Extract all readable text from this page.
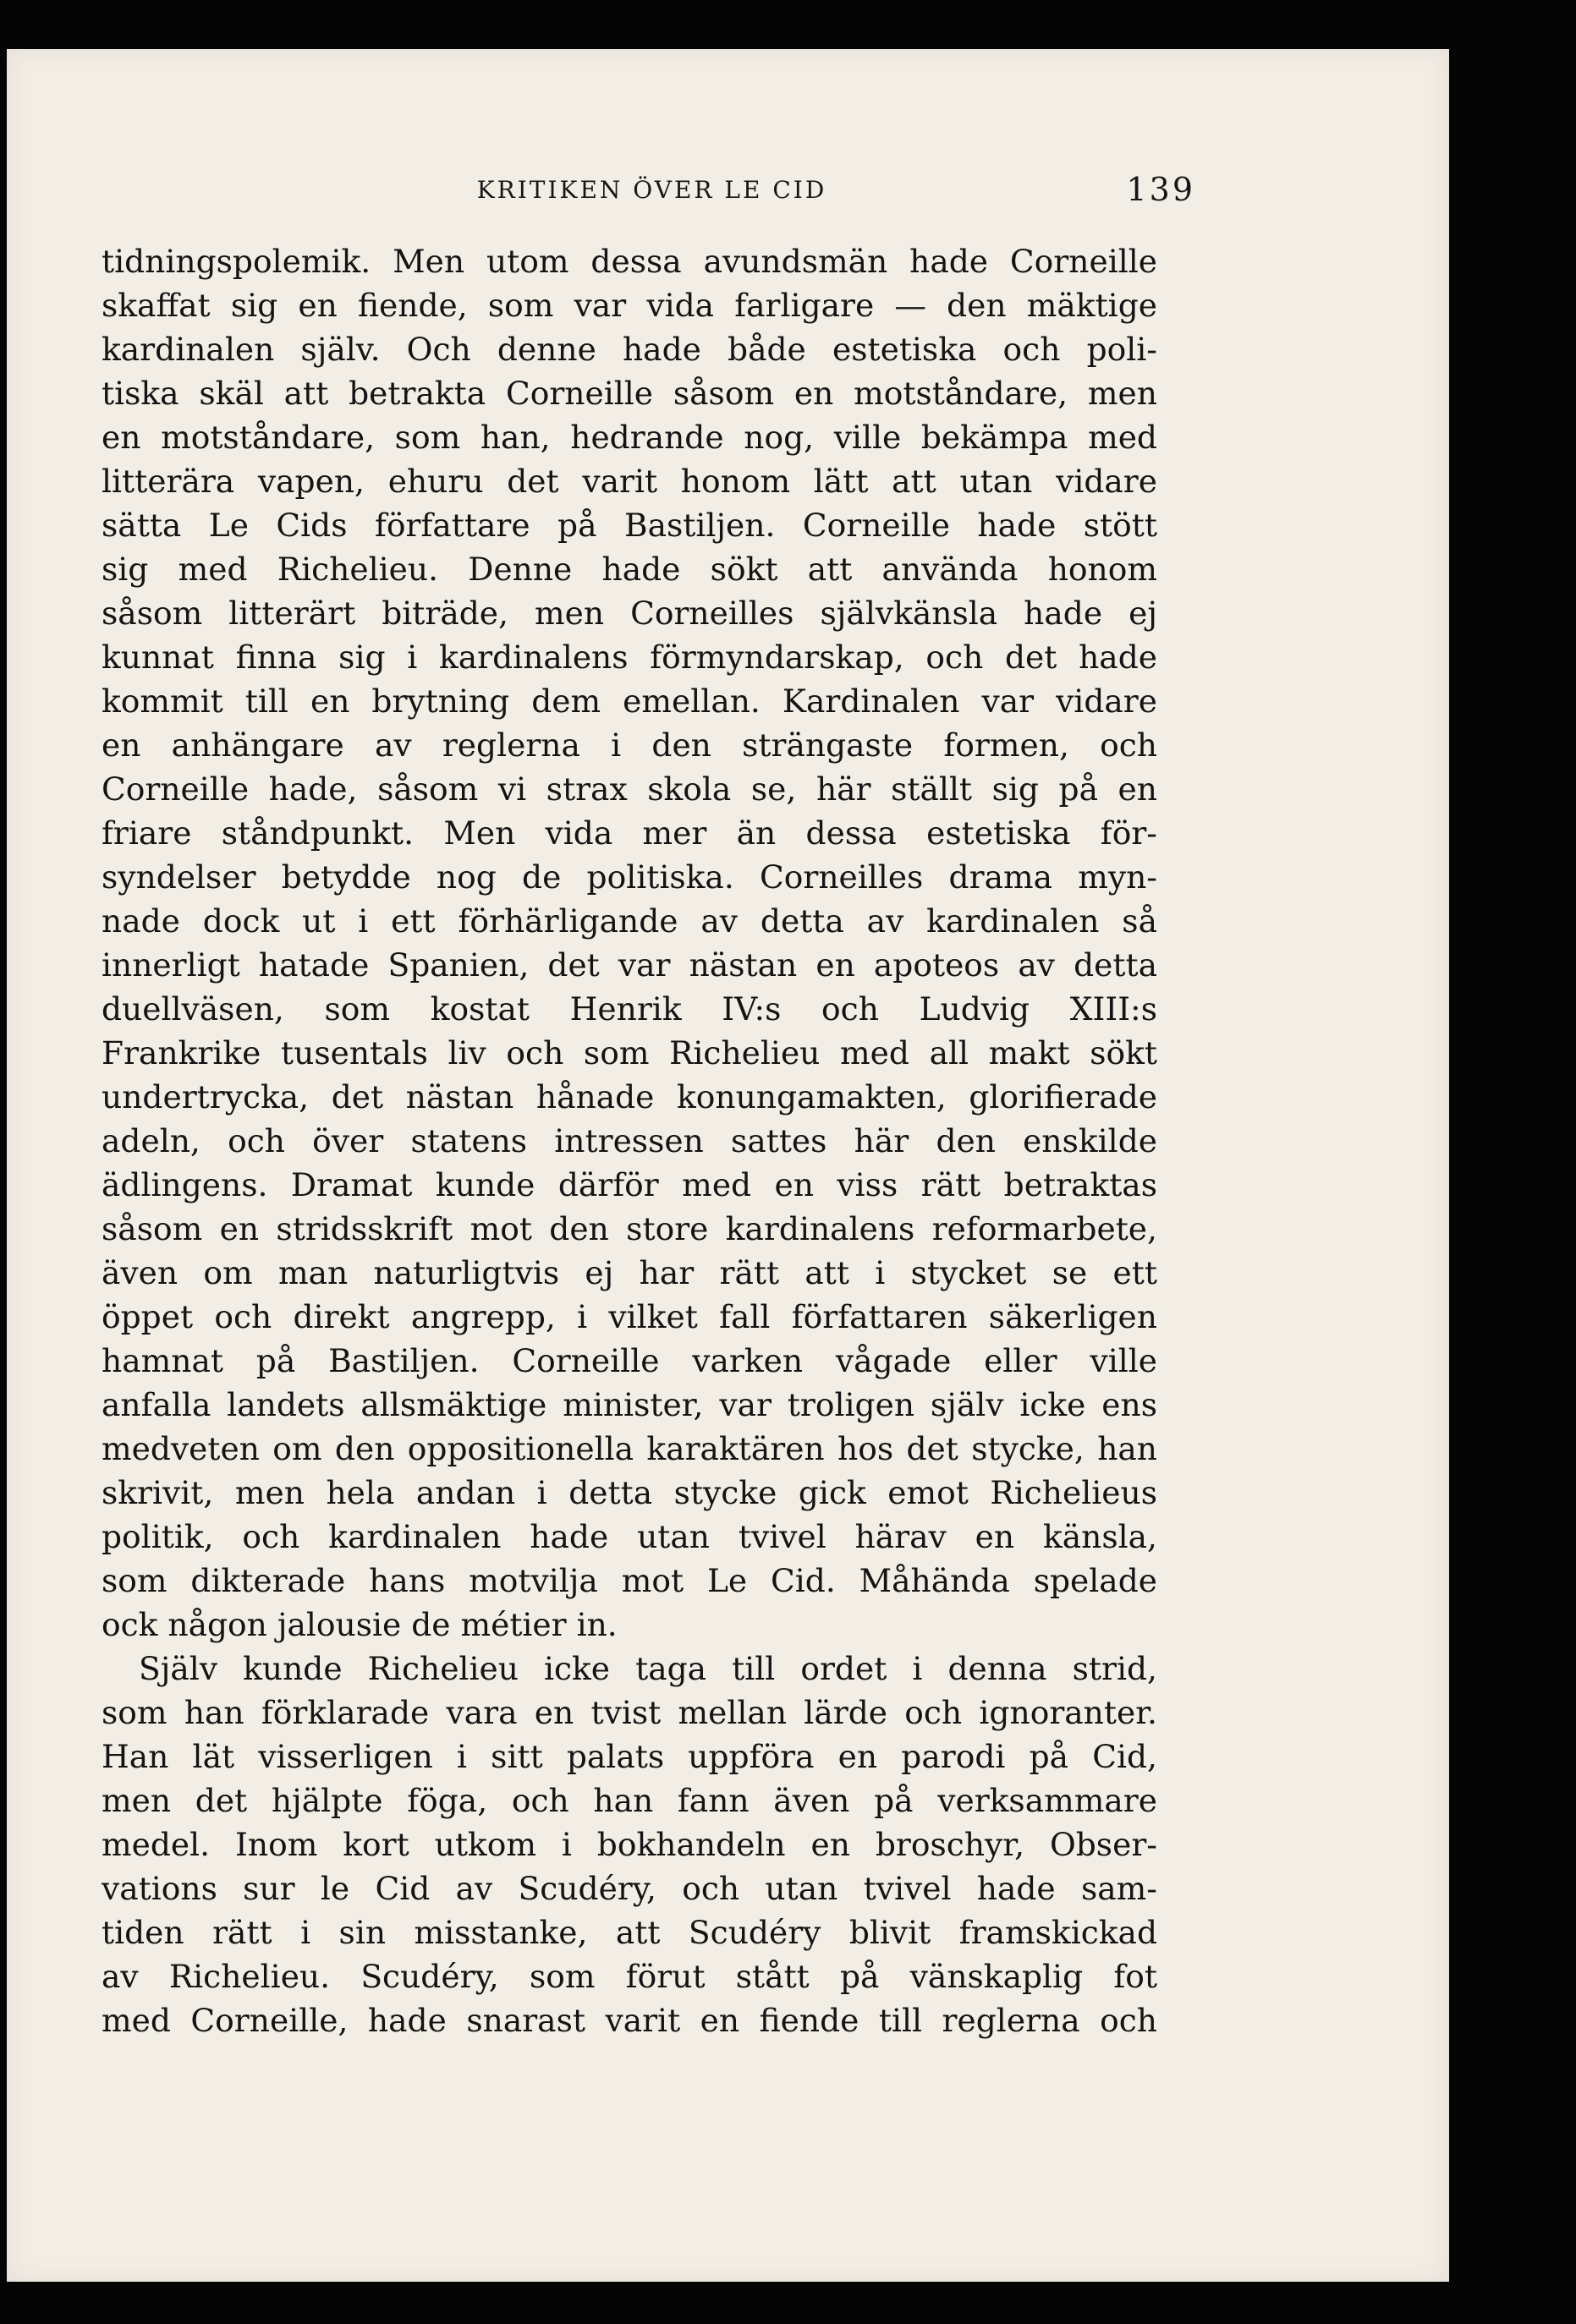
KRITIKEN ÖVER LE CID	139
tidningspolemik. Men utom dessa avundsmän hade Corneille
skaffat sig en fiende, som var vida farligare — den mäktige
kardinalen själv. Och denne hade både estetiska och poli-
tiska skäl att betrakta Corneille såsom en motståndare, men
en motståndare, som han, hedrande nog, ville bekämpa med
litterära vapen, ehuru det varit honom lätt att utan vidare
sätta Le Cids författare på Bastiljen. Corneille hade stött
sig med Richelieu. Denne hade sökt att använda honom
såsom litterärt biträde, men Corneilles självkänsla hade ej
kunnat finna sig i kardinalens förmyndarskap, och det hade
kommit till en brytning dem emellan. Kardinalen var vidare
en anhängare av reglerna i den strängaste formen, och
Corneille hade, såsom vi strax skola se, här ställt sig på en
friare ståndpunkt. Men vida mer än dessa estetiska för-
syndelser betydde nog de politiska. Corneilles drama myn-
nade dock ut i ett förhärligande av detta av kardinalen så
innerligt hatade Spanien, det var nästan en apoteos av detta
duellväsen, som kostat Henrik IV:s och Ludvig XIII:s
Frankrike tusentals liv och som Richelieu med all makt sökt
undertrycka, det nästan hånade konungamakten, glorifierade
adeln, och över statens intressen sattes här den enskilde
ädlingens. Dramat kunde därför med en viss rätt betraktas
såsom en stridsskrift mot den store kardinalens reformarbete,
även om man naturligtvis ej har rätt att i stycket se ett
öppet och direkt angrepp, i vilket fall författaren säkerligen
hamnat på Bastiljen. Corneille varken vågade eller ville
anfalla landets allsmäktige minister, var troligen själv icke ens
medveten om den oppositionella karaktären hos det stycke, han
skrivit, men hela andan i detta stycke gick emot Richelieus
politik, och kardinalen hade utan tvivel härav en känsla,
som dikterade hans motvilja mot Le Cid. Måhända spelade
ock någon jalousie de métier in.
Själv kunde Richelieu icke taga till ordet i denna strid,
som han förklarade vara en tvist mellan lärde och ignoranter.
Han lät visserligen i sitt palats uppföra en parodi på Cid,
men det hjälpte föga, och han fann även på verksammare
medel. Inom kort utkom i bokhandeln en broschyr, Obser-
vations sur le Cid av Scudéry, och utan tvivel hade sam-
tiden rätt i sin misstanke, att Scudéry blivit framskickad
av Richelieu. Scudéry, som förut stått på vänskaplig fot
med Corneille, hade snarast varit en fiende till reglerna och
